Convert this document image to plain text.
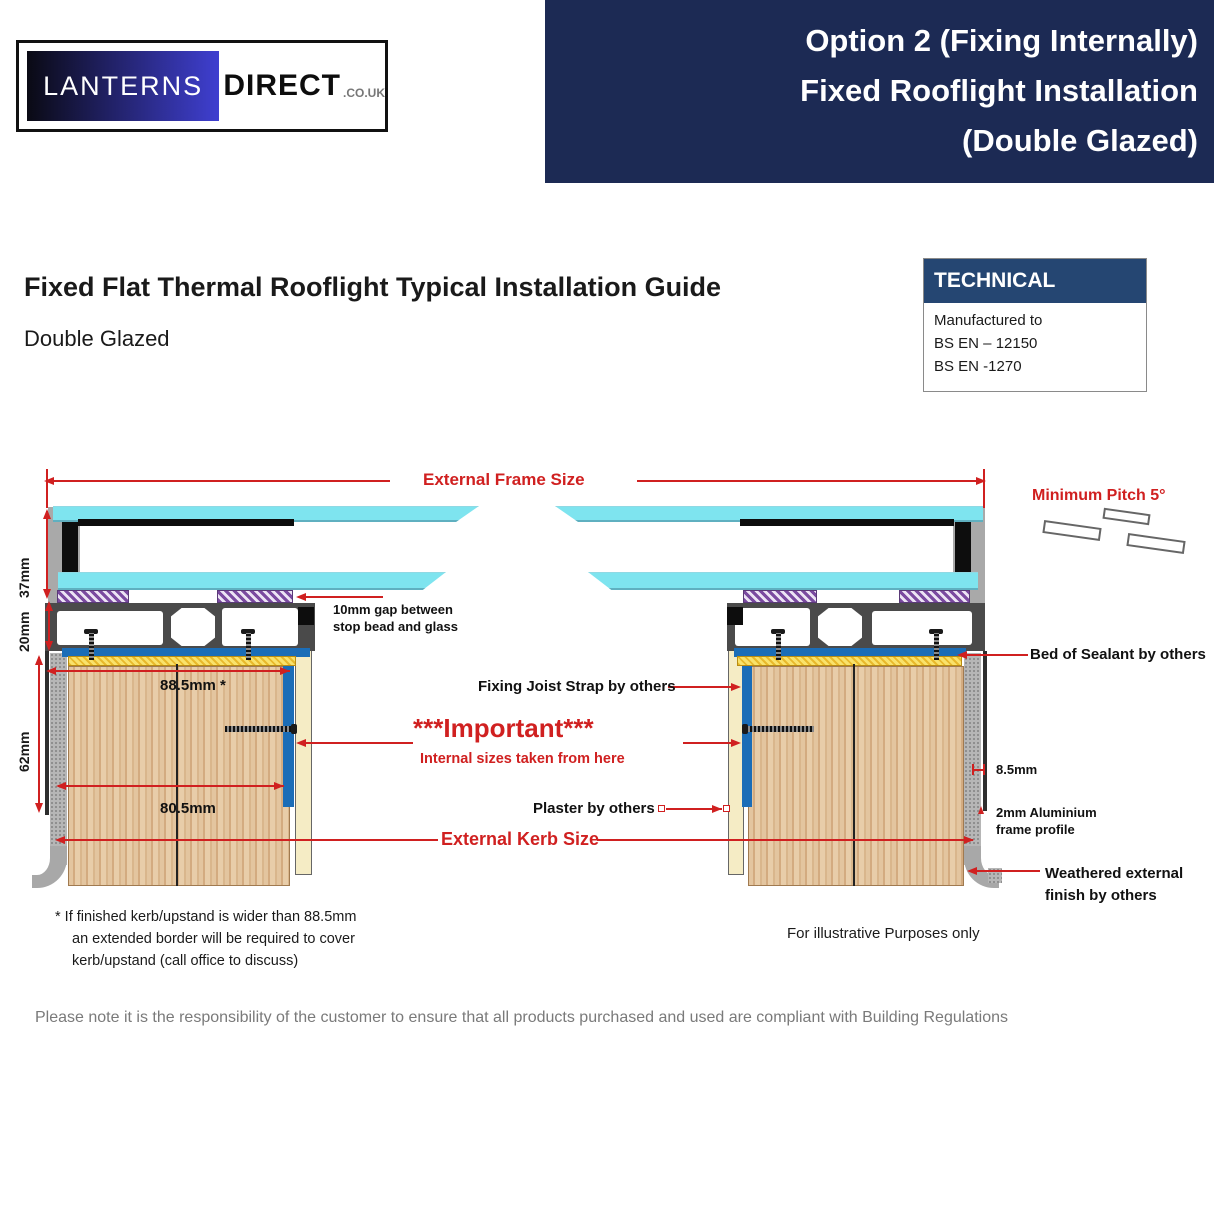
Option 2 (Fixing Internally)
Fixed Rooflight Installation
(Double Glazed)
LANTERNS DIRECT .CO.UK
Fixed Flat Thermal Rooflight Typical Installation Guide
Double Glazed
TECHNICAL
Manufactured to
BS EN – 12150
BS EN -1270
Minimum Pitch 5°
External Frame Size
37mm
20mm
62mm
88.5mm *
80.5mm
External Kerb Size
10mm gap between
stop bead and glass
Fixing Joist Strap by others
***Important***
Internal sizes taken from here
Plaster by others
Bed of Sealant by others
8.5mm
2mm Aluminium
frame profile
Weathered external
finish by others
* If finished kerb/upstand is wider than 88.5mm
an extended border will be required to cover
kerb/upstand (call office to discuss)
For illustrative Purposes only
Please note it is the responsibility of the customer to ensure that all products purchased and used are compliant with Building Regulations
